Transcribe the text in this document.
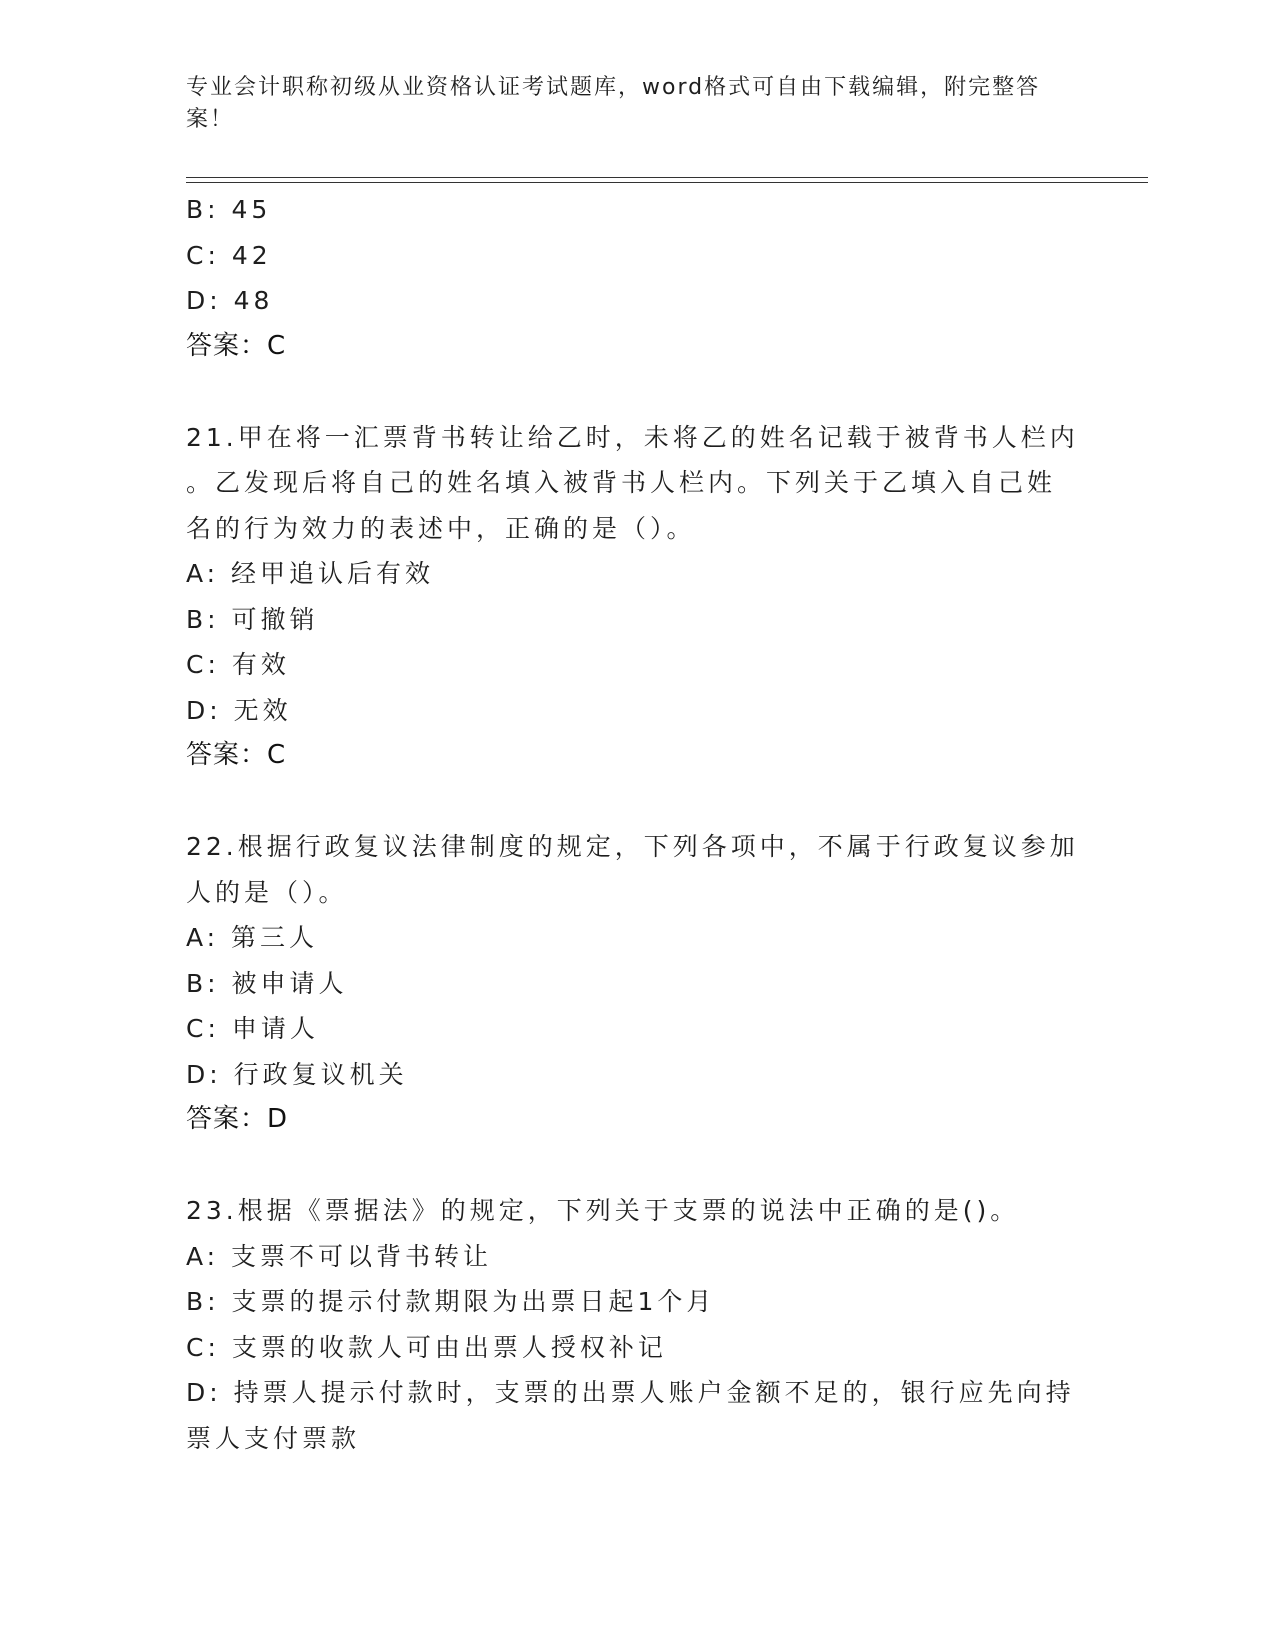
专业会计职称初级从业资格认证考试题库，word格式可自由下载编辑，附完整答
案！
B: 45
C: 42
D: 48
答案：C
21.甲在将一汇票背书转让给乙时，未将乙的姓名记载于被背书人栏内
。乙发现后将自己的姓名填入被背书人栏内。下列关于乙填入自己姓
名的行为效力的表述中，正确的是（）。
A: 经甲追认后有效
B: 可撤销
C: 有效
D: 无效
答案：C
22.根据行政复议法律制度的规定，下列各项中，不属于行政复议参加
人的是（）。
A: 第三人
B: 被申请人
C: 申请人
D: 行政复议机关
答案：D
23.根据《票据法》的规定，下列关于支票的说法中正确的是()。
A: 支票不可以背书转让
B: 支票的提示付款期限为出票日起1个月
C: 支票的收款人可由出票人授权补记
D: 持票人提示付款时，支票的出票人账户金额不足的，银行应先向持
票人支付票款
